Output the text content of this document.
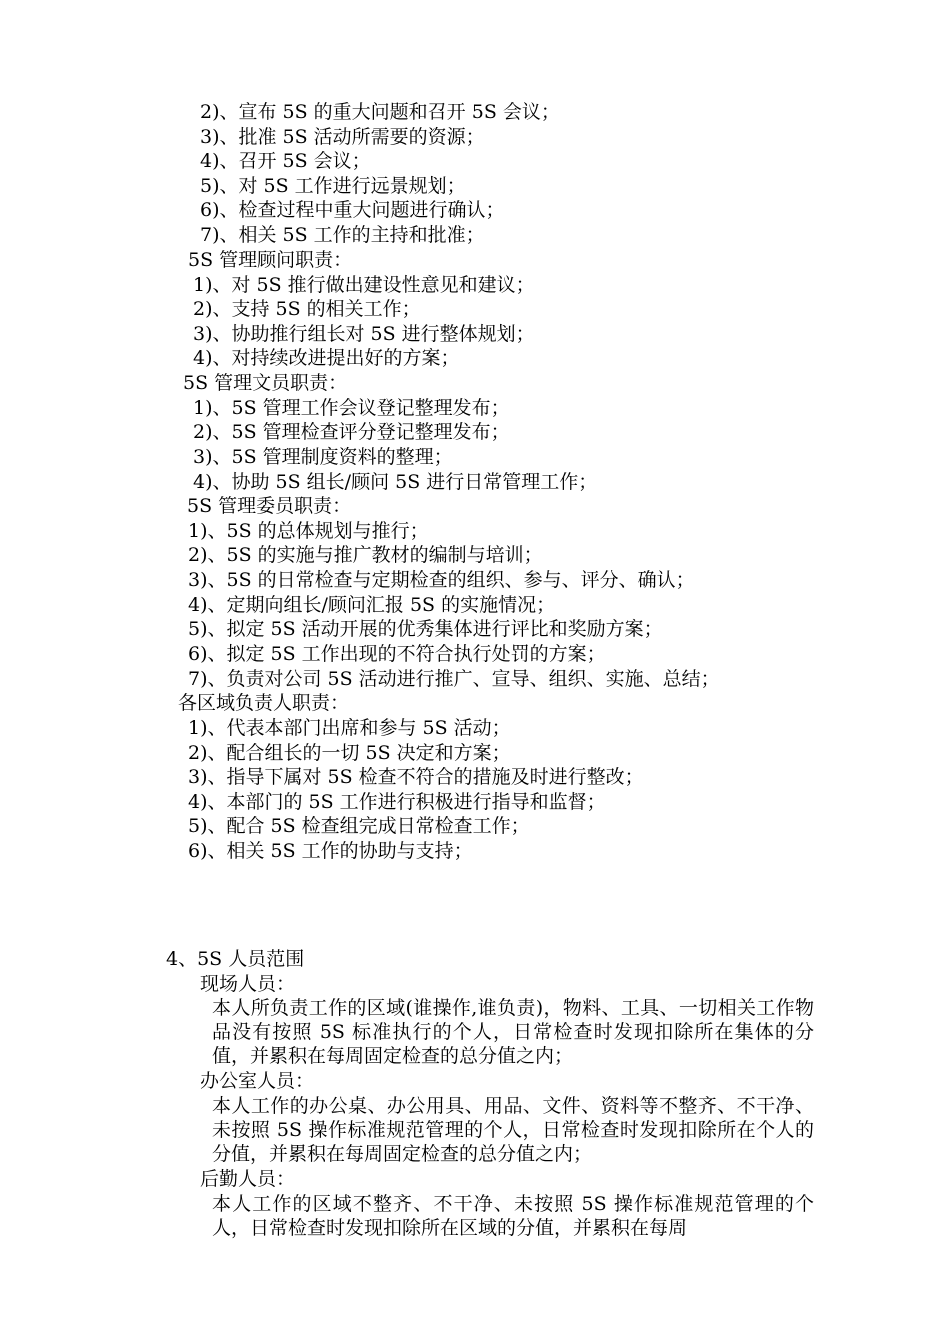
2)、宣布 5S 的重大问题和召开 5S 会议；
3)、批准 5S 活动所需要的资源；
4)、召开 5S 会议；
5)、对 5S 工作进行远景规划；
6)、检查过程中重大问题进行确认；
7)、相关 5S 工作的主持和批准；
5S 管理顾问职责：
1)、对 5S 推行做出建设性意见和建议；
2)、支持 5S 的相关工作；
3)、协助推行组长对 5S 进行整体规划；
4)、对持续改进提出好的方案；
5S 管理文员职责：
1)、5S 管理工作会议登记整理发布；
2)、5S 管理检查评分登记整理发布；
3)、5S 管理制度资料的整理；
4)、协助 5S 组长/顾问 5S 进行日常管理工作；
5S 管理委员职责：
1)、5S 的总体规划与推行；
2)、5S 的实施与推广教材的编制与培训；
3)、5S 的日常检查与定期检查的组织、参与、评分、确认；
4)、定期向组长/顾问汇报 5S 的实施情况；
5)、拟定 5S 活动开展的优秀集体进行评比和奖励方案；
6)、拟定 5S 工作出现的不符合执行处罚的方案；
7)、负责对公司 5S 活动进行推广、宣导、组织、实施、总结；
各区域负责人职责：
1)、代表本部门出席和参与 5S 活动；
2)、配合组长的一切 5S 决定和方案；
3)、指导下属对 5S 检查不符合的措施及时进行整改；
4)、本部门的 5S 工作进行积极进行指导和监督；
5)、配合 5S 检查组完成日常检查工作；
6)、相关 5S 工作的协助与支持；
4、5S 人员范围
现场人员：
本人所负责工作的区域(谁操作,谁负责)，物料、工具、一切相关工作物品没有按照 5S 标准执行的个人，日常检查时发现扣除所在集体的分值，并累积在每周固定检查的总分值之内；
办公室人员：
本人工作的办公桌、办公用具、用品、文件、资料等不整齐、不干净、未按照 5S 操作标准规范管理的个人，日常检查时发现扣除所在个人的分值，并累积在每周固定检查的总分值之内；
后勤人员：
本人工作的区域不整齐、不干净、未按照 5S 操作标准规范管理的个人，日常检查时发现扣除所在区域的分值，并累积在每周
